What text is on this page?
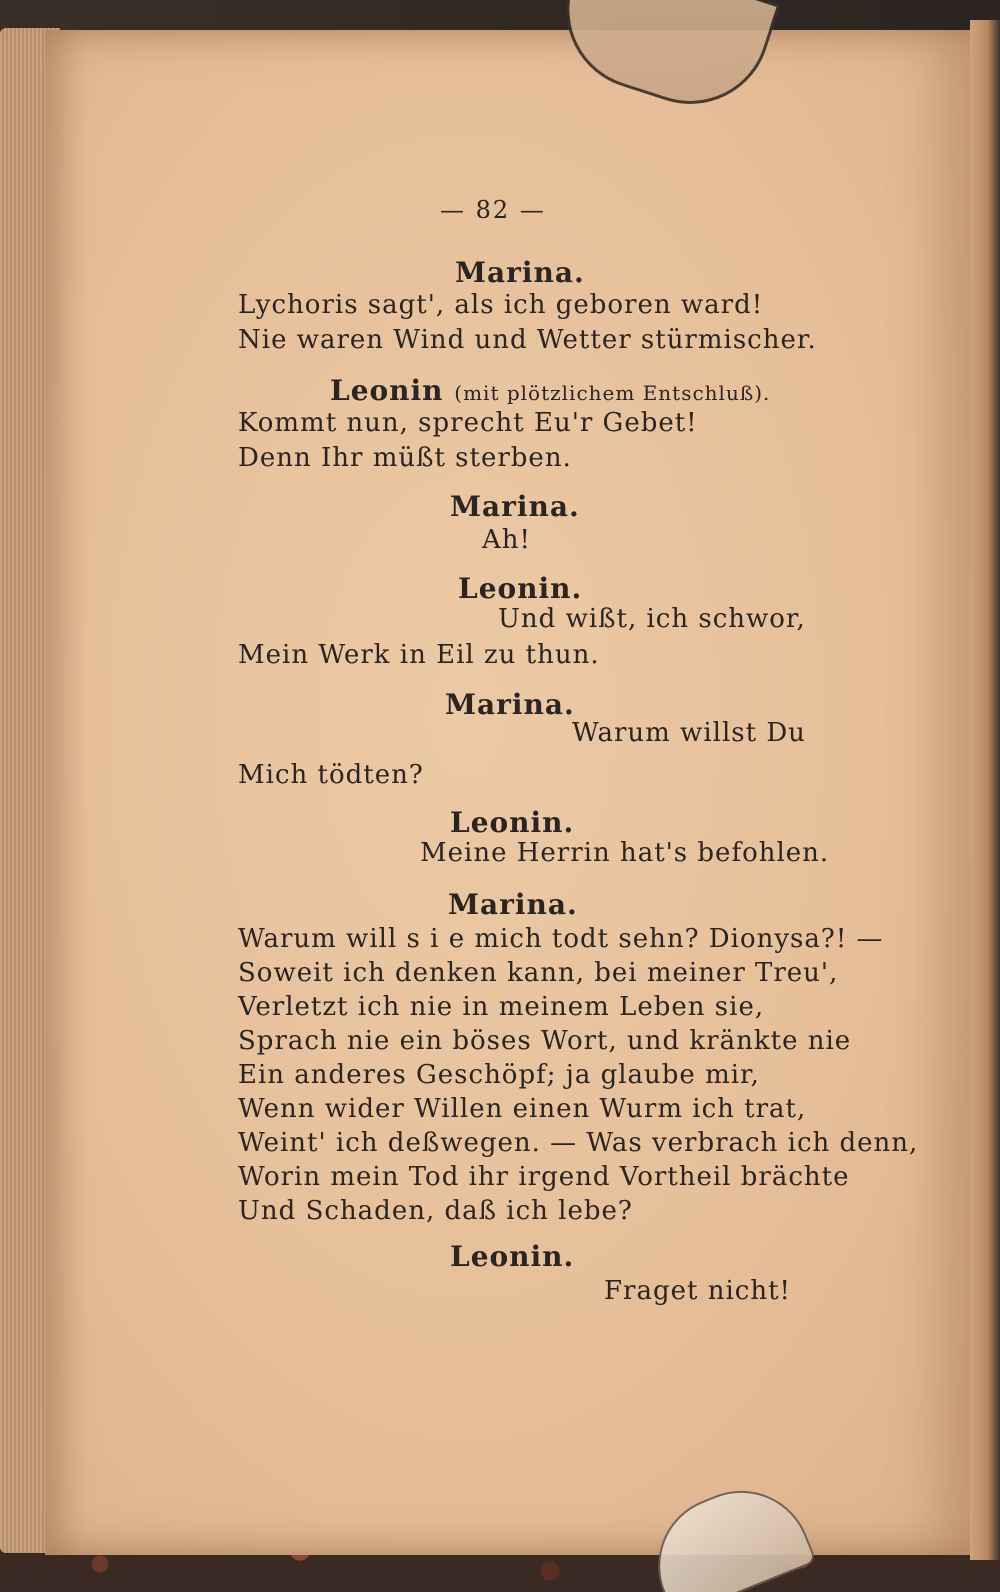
— 82 —
Marina.
Lychoris sagt', als ich geboren ward!
Nie waren Wind und Wetter stürmischer.
Leonin (mit plötzlichem Entschluß).
Kommt nun, sprecht Eu'r Gebet!
Denn Ihr müßt sterben.
Marina.
Ah!
Leonin.
Und wißt, ich schwor,
Mein Werk in Eil zu thun.
Marina.
Warum willst Du
Mich tödten?
Leonin.
Meine Herrin hat's befohlen.
Marina.
Warum will s i e mich todt sehn? Dionysa?! —
Soweit ich denken kann, bei meiner Treu',
Verletzt ich nie in meinem Leben sie,
Sprach nie ein böses Wort, und kränkte nie
Ein anderes Geschöpf; ja glaube mir,
Wenn wider Willen einen Wurm ich trat,
Weint' ich deßwegen. — Was verbrach ich denn,
Worin mein Tod ihr irgend Vortheil brächte
Und Schaden, daß ich lebe?
Leonin.
Fraget nicht!
